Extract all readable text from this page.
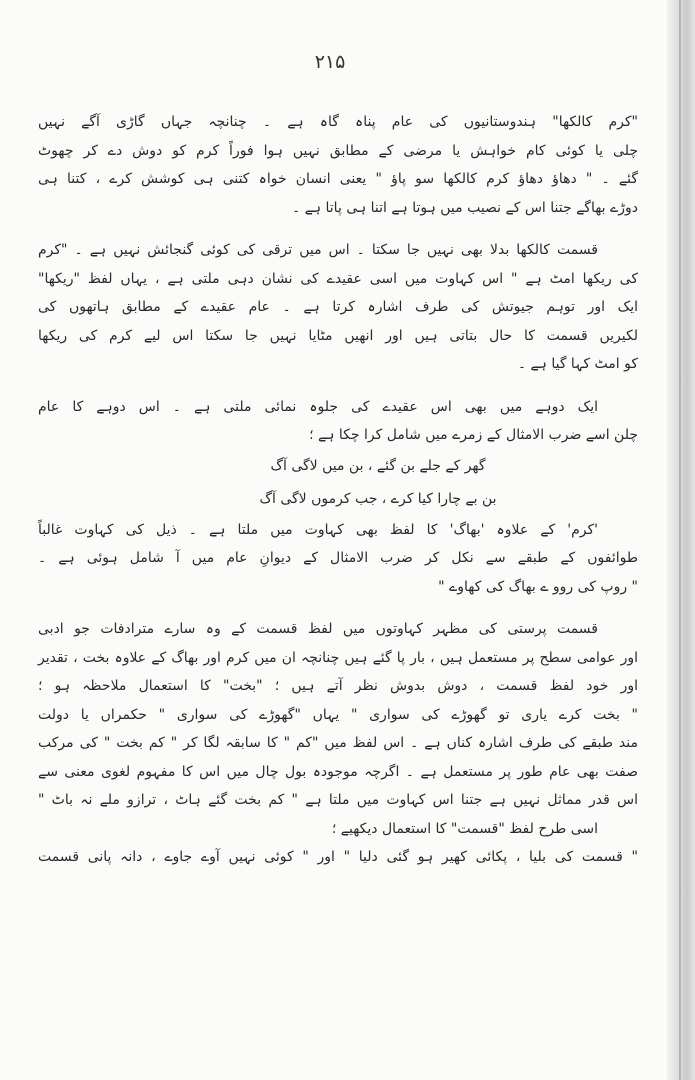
۲۱۵
"کرم کالکھا" ہندوستانیوں کی عام پناہ گاہ ہے ۔ چنانچہ جہاں گاڑی آگے نہیں
چلی یا کوئی کام خواہش یا مرضی کے مطابق نہیں ہوا فوراً کرم کو دوش دے کر چھوٹ
گئے ۔ " دھاؤ دھاؤ کرم کالکھا سو پاؤ " یعنی انسان خواہ کتنی ہی کوشش کرے ، کتنا ہی
دوڑے بھاگے جتنا اس کے نصیب میں ہوتا ہے اتنا ہی پاتا ہے ۔
قسمت کالکھا بدلا بھی نہیں جا سکتا ۔ اس میں ترقی کی کوئی گنجائش نہیں ہے ۔ "کرم
کی ریکھا امٹ ہے " اس کہاوت میں اسی عقیدے کی نشان دہی ملتی ہے ، یہاں لفظ "ریکھا"
ایک اور توہم جیوتش کی طرف اشارہ کرتا ہے ۔ عام عقیدے کے مطابق ہاتھوں کی
لکیریں قسمت کا حال بتاتی ہیں اور انھیں مٹایا نہیں جا سکتا اس لیے کرم کی ریکھا
کو امٹ کہا گیا ہے ۔
ایک دوہے میں بھی اس عقیدے کی جلوہ نمائی ملتی ہے ۔ اس دوہے کا عام
چلن اسے ضرب الامثال کے زمرے میں شامل کرا چکا ہے ؛
گھر کے جلے بن گئے ، بن میں لاگی آگ
بن بے چارا کیا کرے ، جب کرموں لاگی آگ
'کرم' کے علاوہ 'بھاگ' کا لفظ بھی کہاوت میں ملتا ہے ۔ ذیل کی کہاوت غالباً
طوائفوں کے طبقے سے نکل کر ضرب الامثال کے دیوانِ عام میں آ شامل ہوئی ہے ۔
" روپ کی روو ے بھاگ کی کھاوے "
قسمت پرستی کی مظہر کہاوتوں میں لفظ قسمت کے وہ سارے مترادفات جو ادبی
اور عوامی سطح پر مستعمل ہیں ، بار پا گئے ہیں چنانچہ ان میں کرم اور بھاگ کے علاوہ بخت ، تقدیر
اور خود لفظ قسمت ، دوش بدوش نظر آتے ہیں ؛ "بخت" کا استعمال ملاحظہ ہو ؛
" بخت کرے یاری تو گھوڑے کی سواری " یہاں "گھوڑے کی سواری " حکمراں یا دولت
مند طبقے کی طرف اشارہ کناں ہے ۔ اس لفظ میں "کم " کا سابقہ لگا کر " کم بخت " کی مرکب
صفت بھی عام طور پر مستعمل ہے ۔ اگرچہ موجودہ بول چال میں اس کا مفہوم لغوی معنی سے
اس قدر مماثل نہیں ہے جتنا اس کہاوت میں ملتا ہے " کم بخت گئے ہاٹ ، ترازو ملے نہ باٹ "
اسی طرح لفظ "قسمت" کا استعمال دیکھیے ؛
" قسمت کی بلیا ، پکائی کھیر ہو گئی دلیا " اور " کوئی نہیں آوے جاوے ، دانہ پانی قسمت
